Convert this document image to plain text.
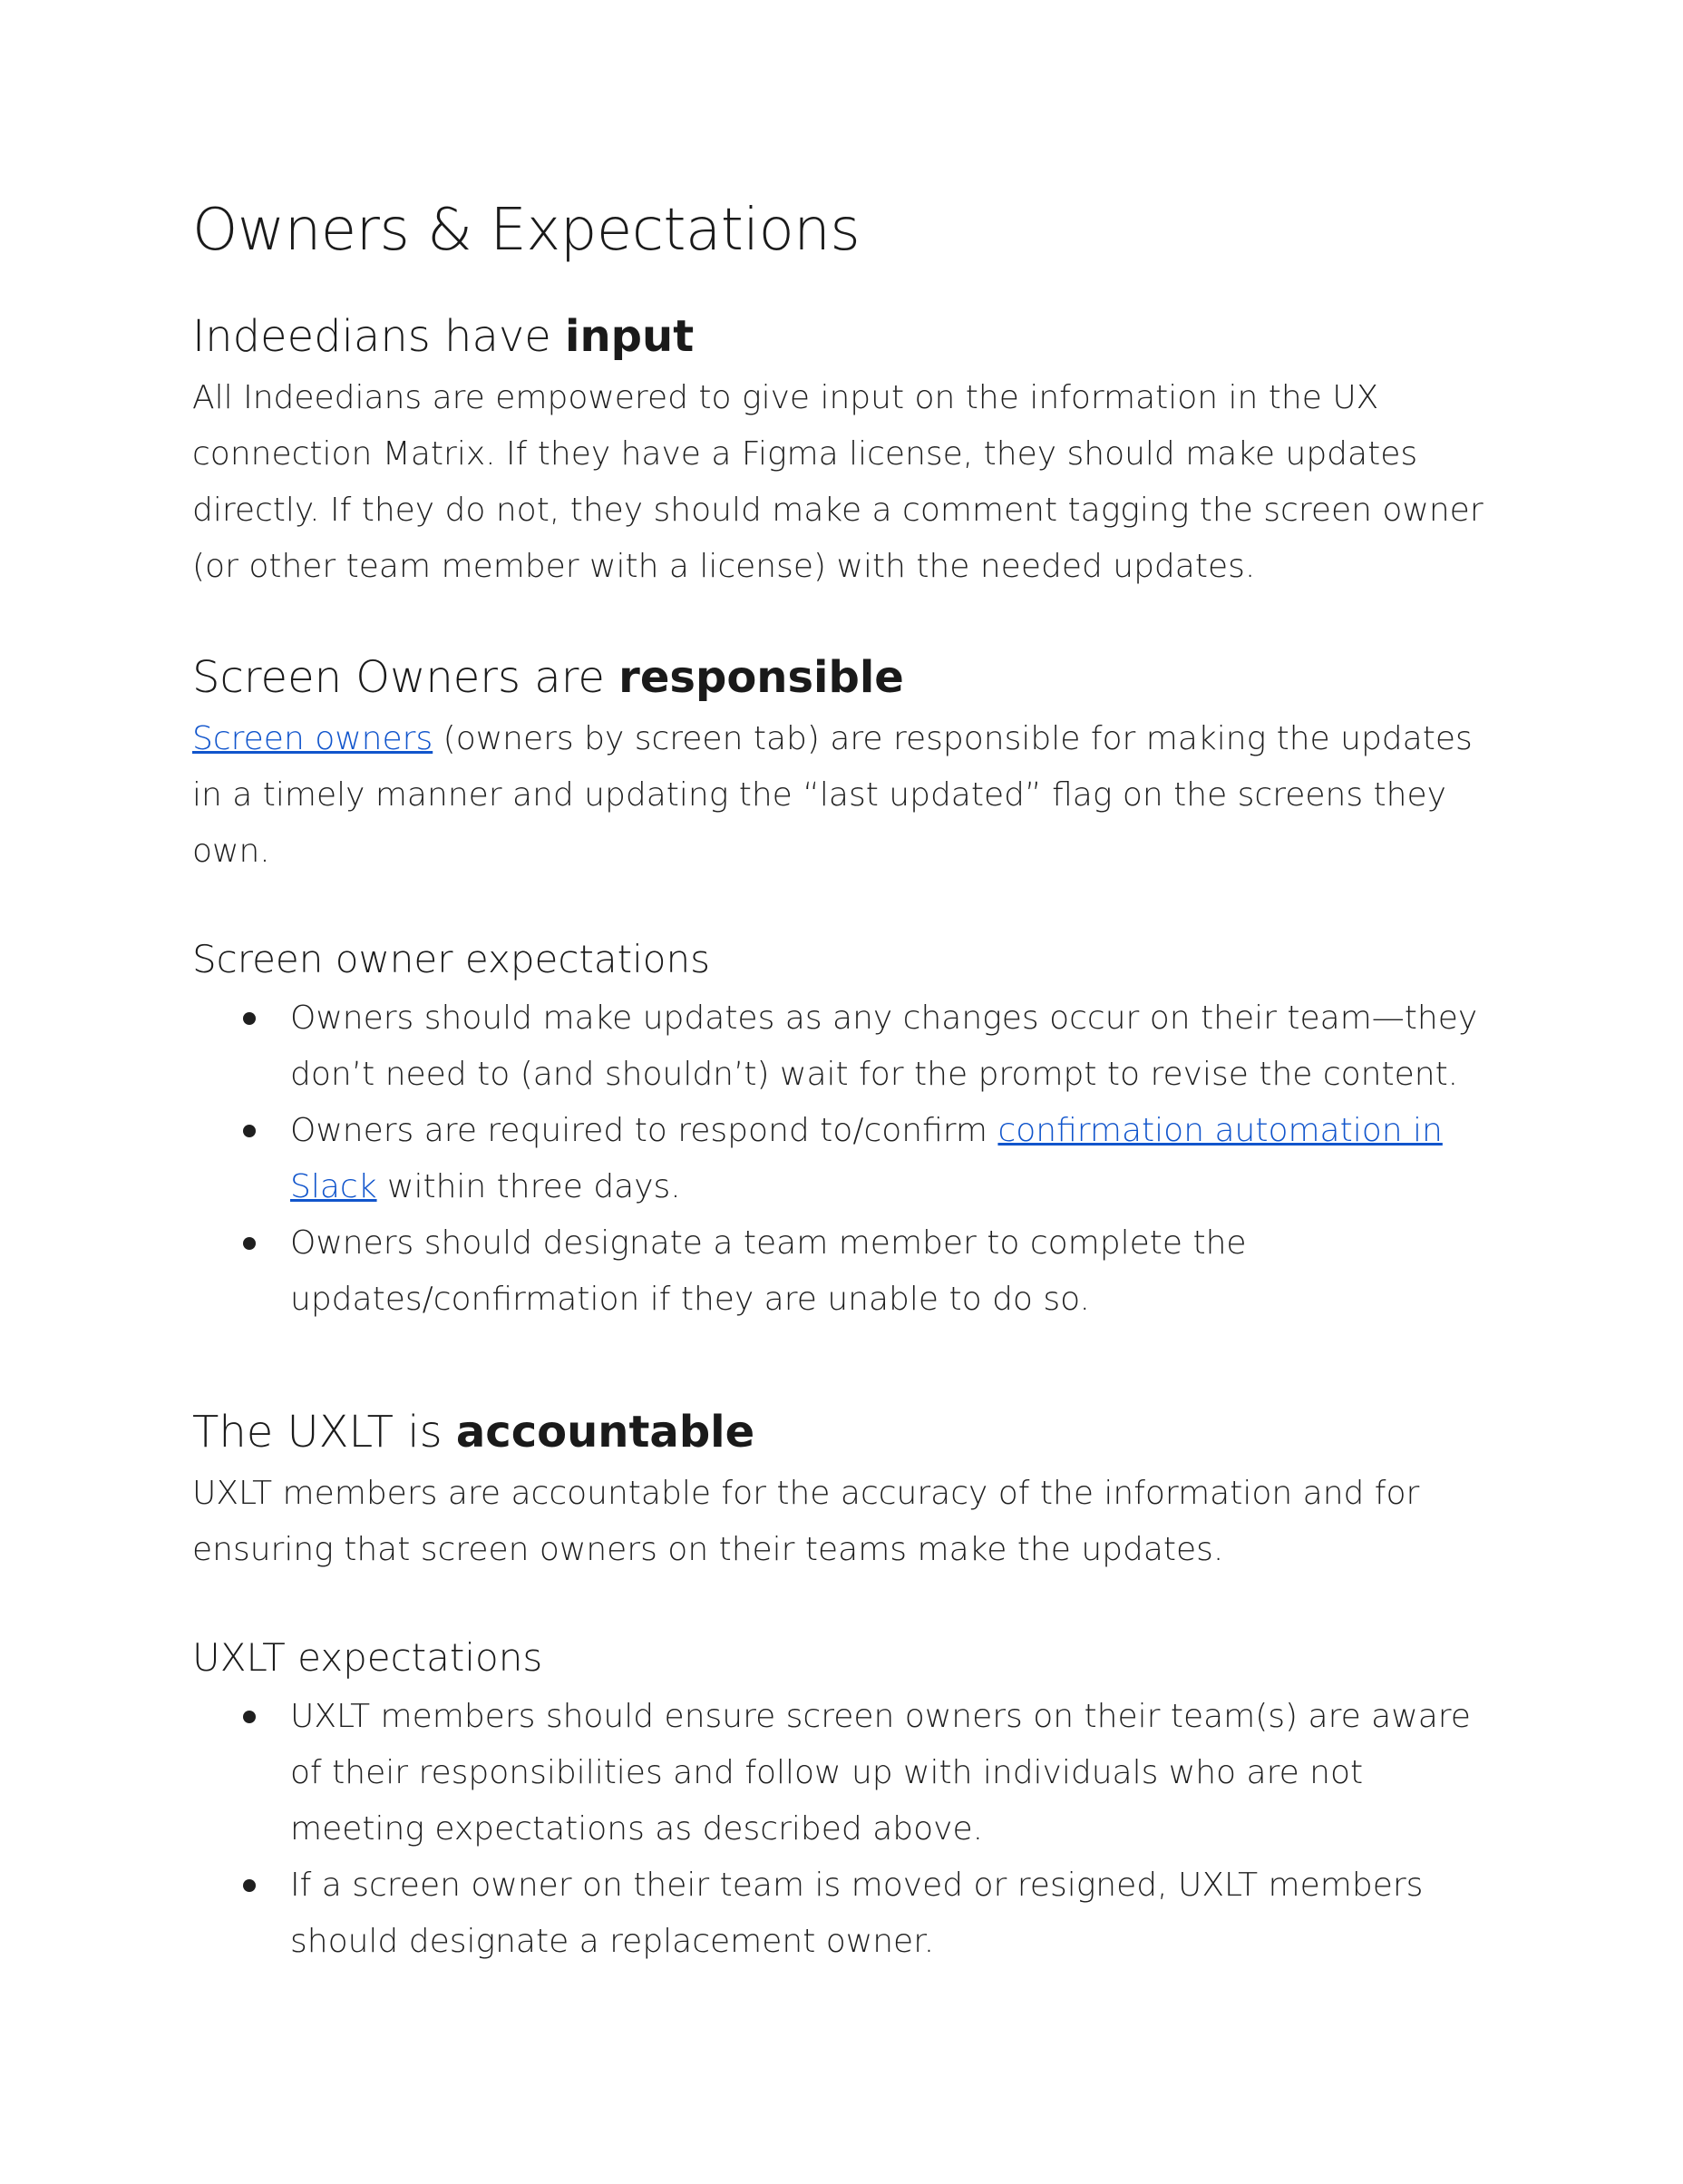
Owners & Expectations
Indeedians have input

All Indeedians are empowered to give input on the information in the UX connection Matrix. If they have a Figma license, they should make updates directly. If they do not, they should make a comment tagging the screen owner (or other team member with a license) with the needed updates.

Screen Owners are responsible

Screen owners (owners by screen tab) are responsible for making the updates in a timely manner and updating the “last updated” flag on the screens they own.

Screen owner expectations
Owners should make updates as any changes occur on their team—they don’t need to (and shouldn’t) wait for the prompt to revise the content.
Owners are required to respond to/confirm confirmation automation in Slack within three days.
Owners should designate a team member to complete the updates/confirmation if they are unable to do so.
The UXLT is accountable

UXLT members are accountable for the accuracy of the information and for ensuring that screen owners on their teams make the updates.

UXLT expectations
UXLT members should ensure screen owners on their team(s) are aware of their responsibilities and follow up with individuals who are not meeting expectations as described above.
If a screen owner on their team is moved or resigned, UXLT members should designate a replacement owner.
